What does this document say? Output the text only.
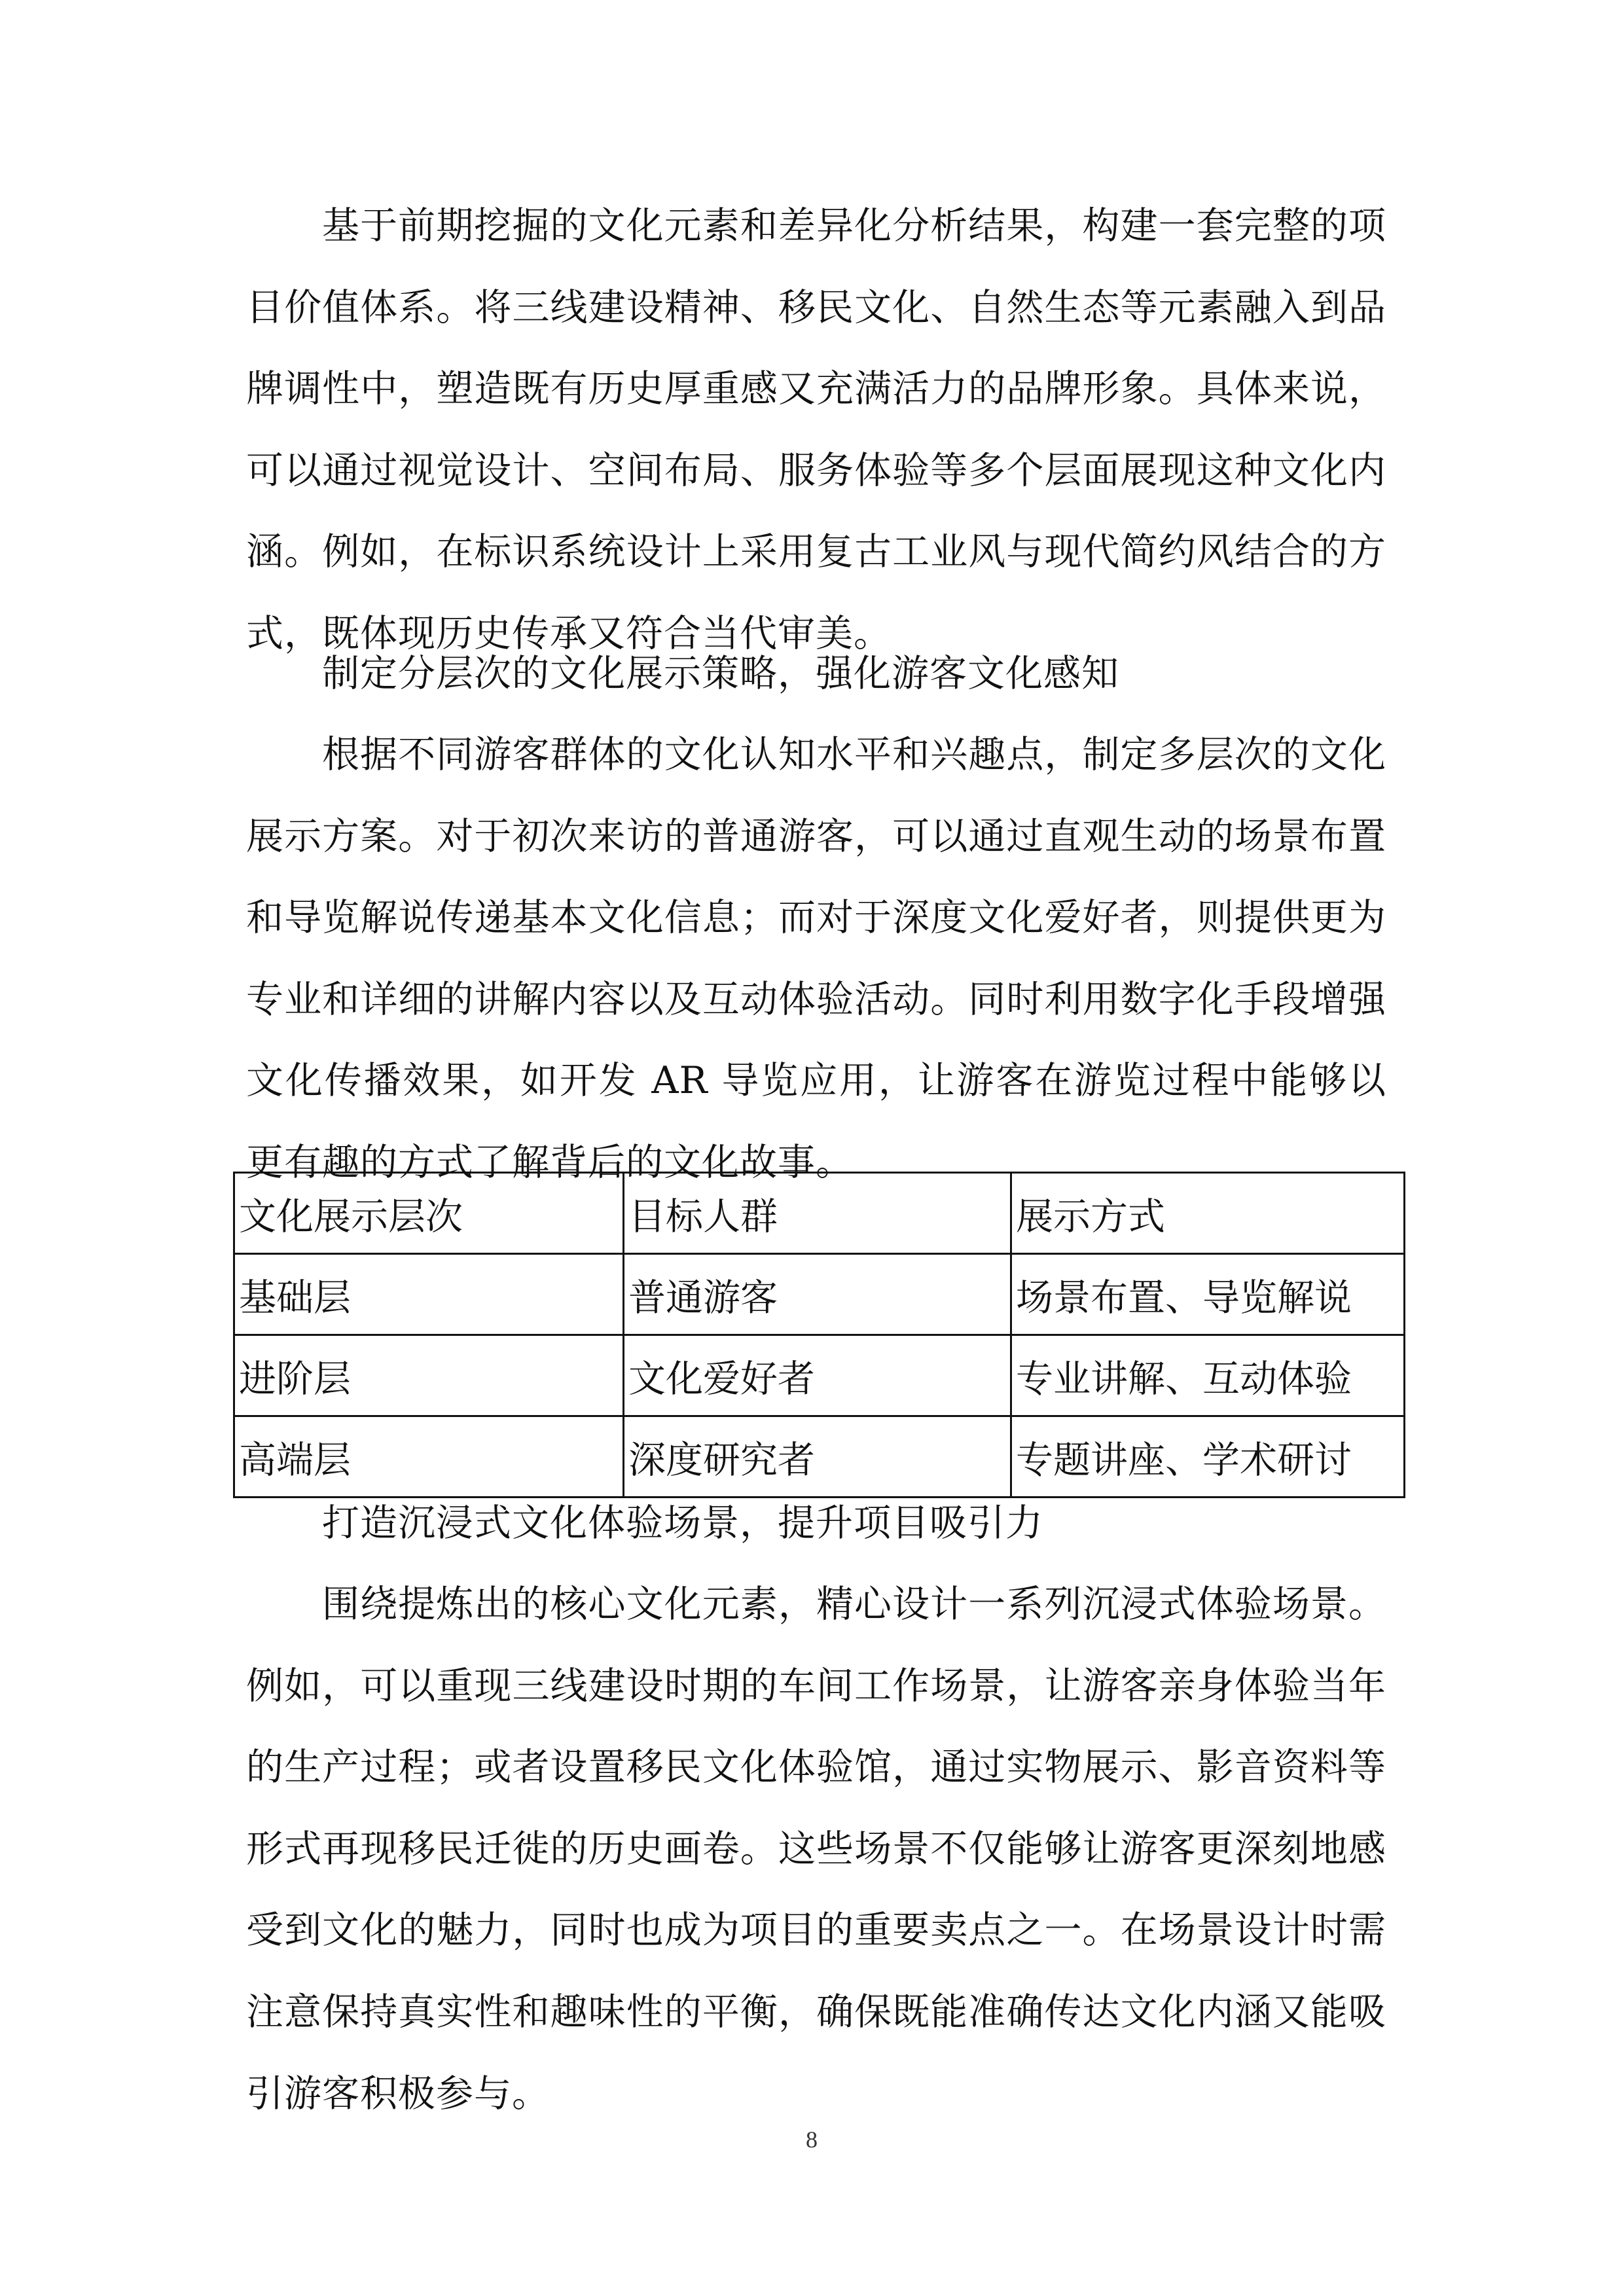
基于前期挖掘的文化元素和差异化分析结果，构建一套完整的项目价值体系。将三线建设精神、移民文化、自然生态等元素融入到品牌调性中，塑造既有历史厚重感又充满活力的品牌形象。具体来说，可以通过视觉设计、空间布局、服务体验等多个层面展现这种文化内涵。例如，在标识系统设计上采用复古工业风与现代简约风结合的方式，既体现历史传承又符合当代审美。

制定分层次的文化展示策略，强化游客文化感知

根据不同游客群体的文化认知水平和兴趣点，制定多层次的文化展示方案。对于初次来访的普通游客，可以通过直观生动的场景布置和导览解说传递基本文化信息；而对于深度文化爱好者，则提供更为专业和详细的讲解内容以及互动体验活动。同时利用数字化手段增强文化传播效果，如开发 AR 导览应用，让游客在游览过程中能够以更有趣的方式了解背后的文化故事。

文化展示层次	目标人群	展示方式
基础层	普通游客	场景布置、导览解说
进阶层	文化爱好者	专业讲解、互动体验
高端层	深度研究者	专题讲座、学术研讨

打造沉浸式文化体验场景，提升项目吸引力

围绕提炼出的核心文化元素，精心设计一系列沉浸式体验场景。例如，可以重现三线建设时期的车间工作场景，让游客亲身体验当年的生产过程；或者设置移民文化体验馆，通过实物展示、影音资料等形式再现移民迁徙的历史画卷。这些场景不仅能够让游客更深刻地感受到文化的魅力，同时也成为项目的重要卖点之一。在场景设计时需注意保持真实性和趣味性的平衡，确保既能准确传达文化内涵又能吸引游客积极参与。

8
